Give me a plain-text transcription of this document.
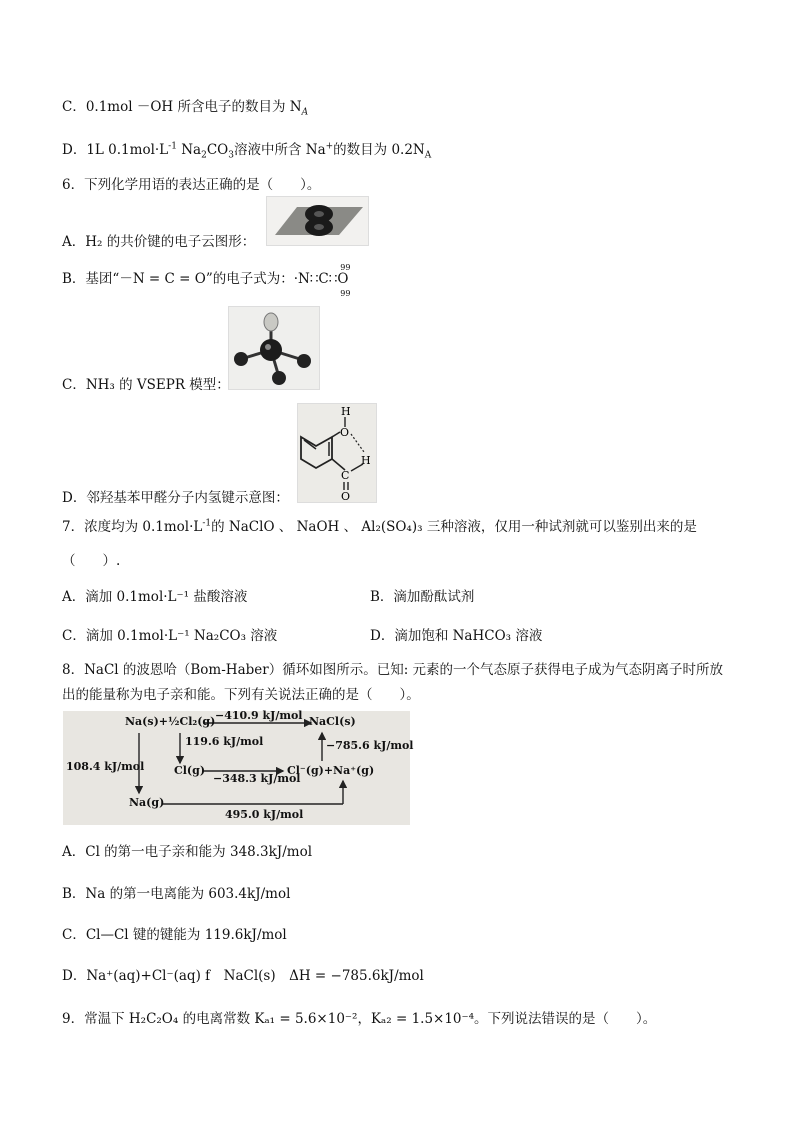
C．0.1mol －OH 所含电子的数目为 $N_A$
D．1L $0.1mol\cdot L^{-1}$ $Na_2CO_3$溶液中所含 Na+的数目为 $0.2N_A$
6．下列化学用语的表达正确的是（　　）。
A．H₂ 的共价键的电子云图形：
B．基团“－N = C = O”的电子式为：·N∷C∷O
99
99
C．NH₃ 的 VSEPR 模型：
O
H
C
H
O
D．邻羟基苯甲醛分子内氢键示意图：
7．浓度均为 $0.1mol\cdot L^{-1}$的 NaClO 、 NaOH 、 Al₂(SO₄)₃ 三种溶液，仅用一种试剂就可以鉴别出来的是
（　　）.
A．滴加 0.1mol·L⁻¹ 盐酸溶液	B．滴加酚酞试剂
C．滴加 0.1mol·L⁻¹ Na₂CO₃ 溶液	D．滴加饱和 NaHCO₃ 溶液
8．NaCl 的波恩哈（Bom-Haber）循环如图所示。已知: 元素的一个气态原子获得电子成为气态阴离子时所放
出的能量称为电子亲和能。下列有关说法正确的是（　　）。
Na(s)+½Cl₂(g)	NaCl(s)
−410.9 kJ/mol
119.6 kJ/mol	−785.6 kJ/mol
108.4 kJ/mol	Cl(g)
−348.3 kJ/mol
Cl⁻(g)+Na⁺(g)
Na(g)
495.0 kJ/mol
A．Cl 的第一电子亲和能为 348.3kJ/mol
B．Na 的第一电离能为 603.4kJ/mol
C．Cl—Cl 键的键能为 119.6kJ/mol
D．Na⁺(aq)+Cl⁻(aq) f　NaCl(s)　ΔH = −785.6kJ/mol
9．常温下 H₂C₂O₄ 的电离常数 Kₐ₁ = 5.6×10⁻²，Kₐ₂ = 1.5×10⁻⁴。下列说法错误的是（　　）。
